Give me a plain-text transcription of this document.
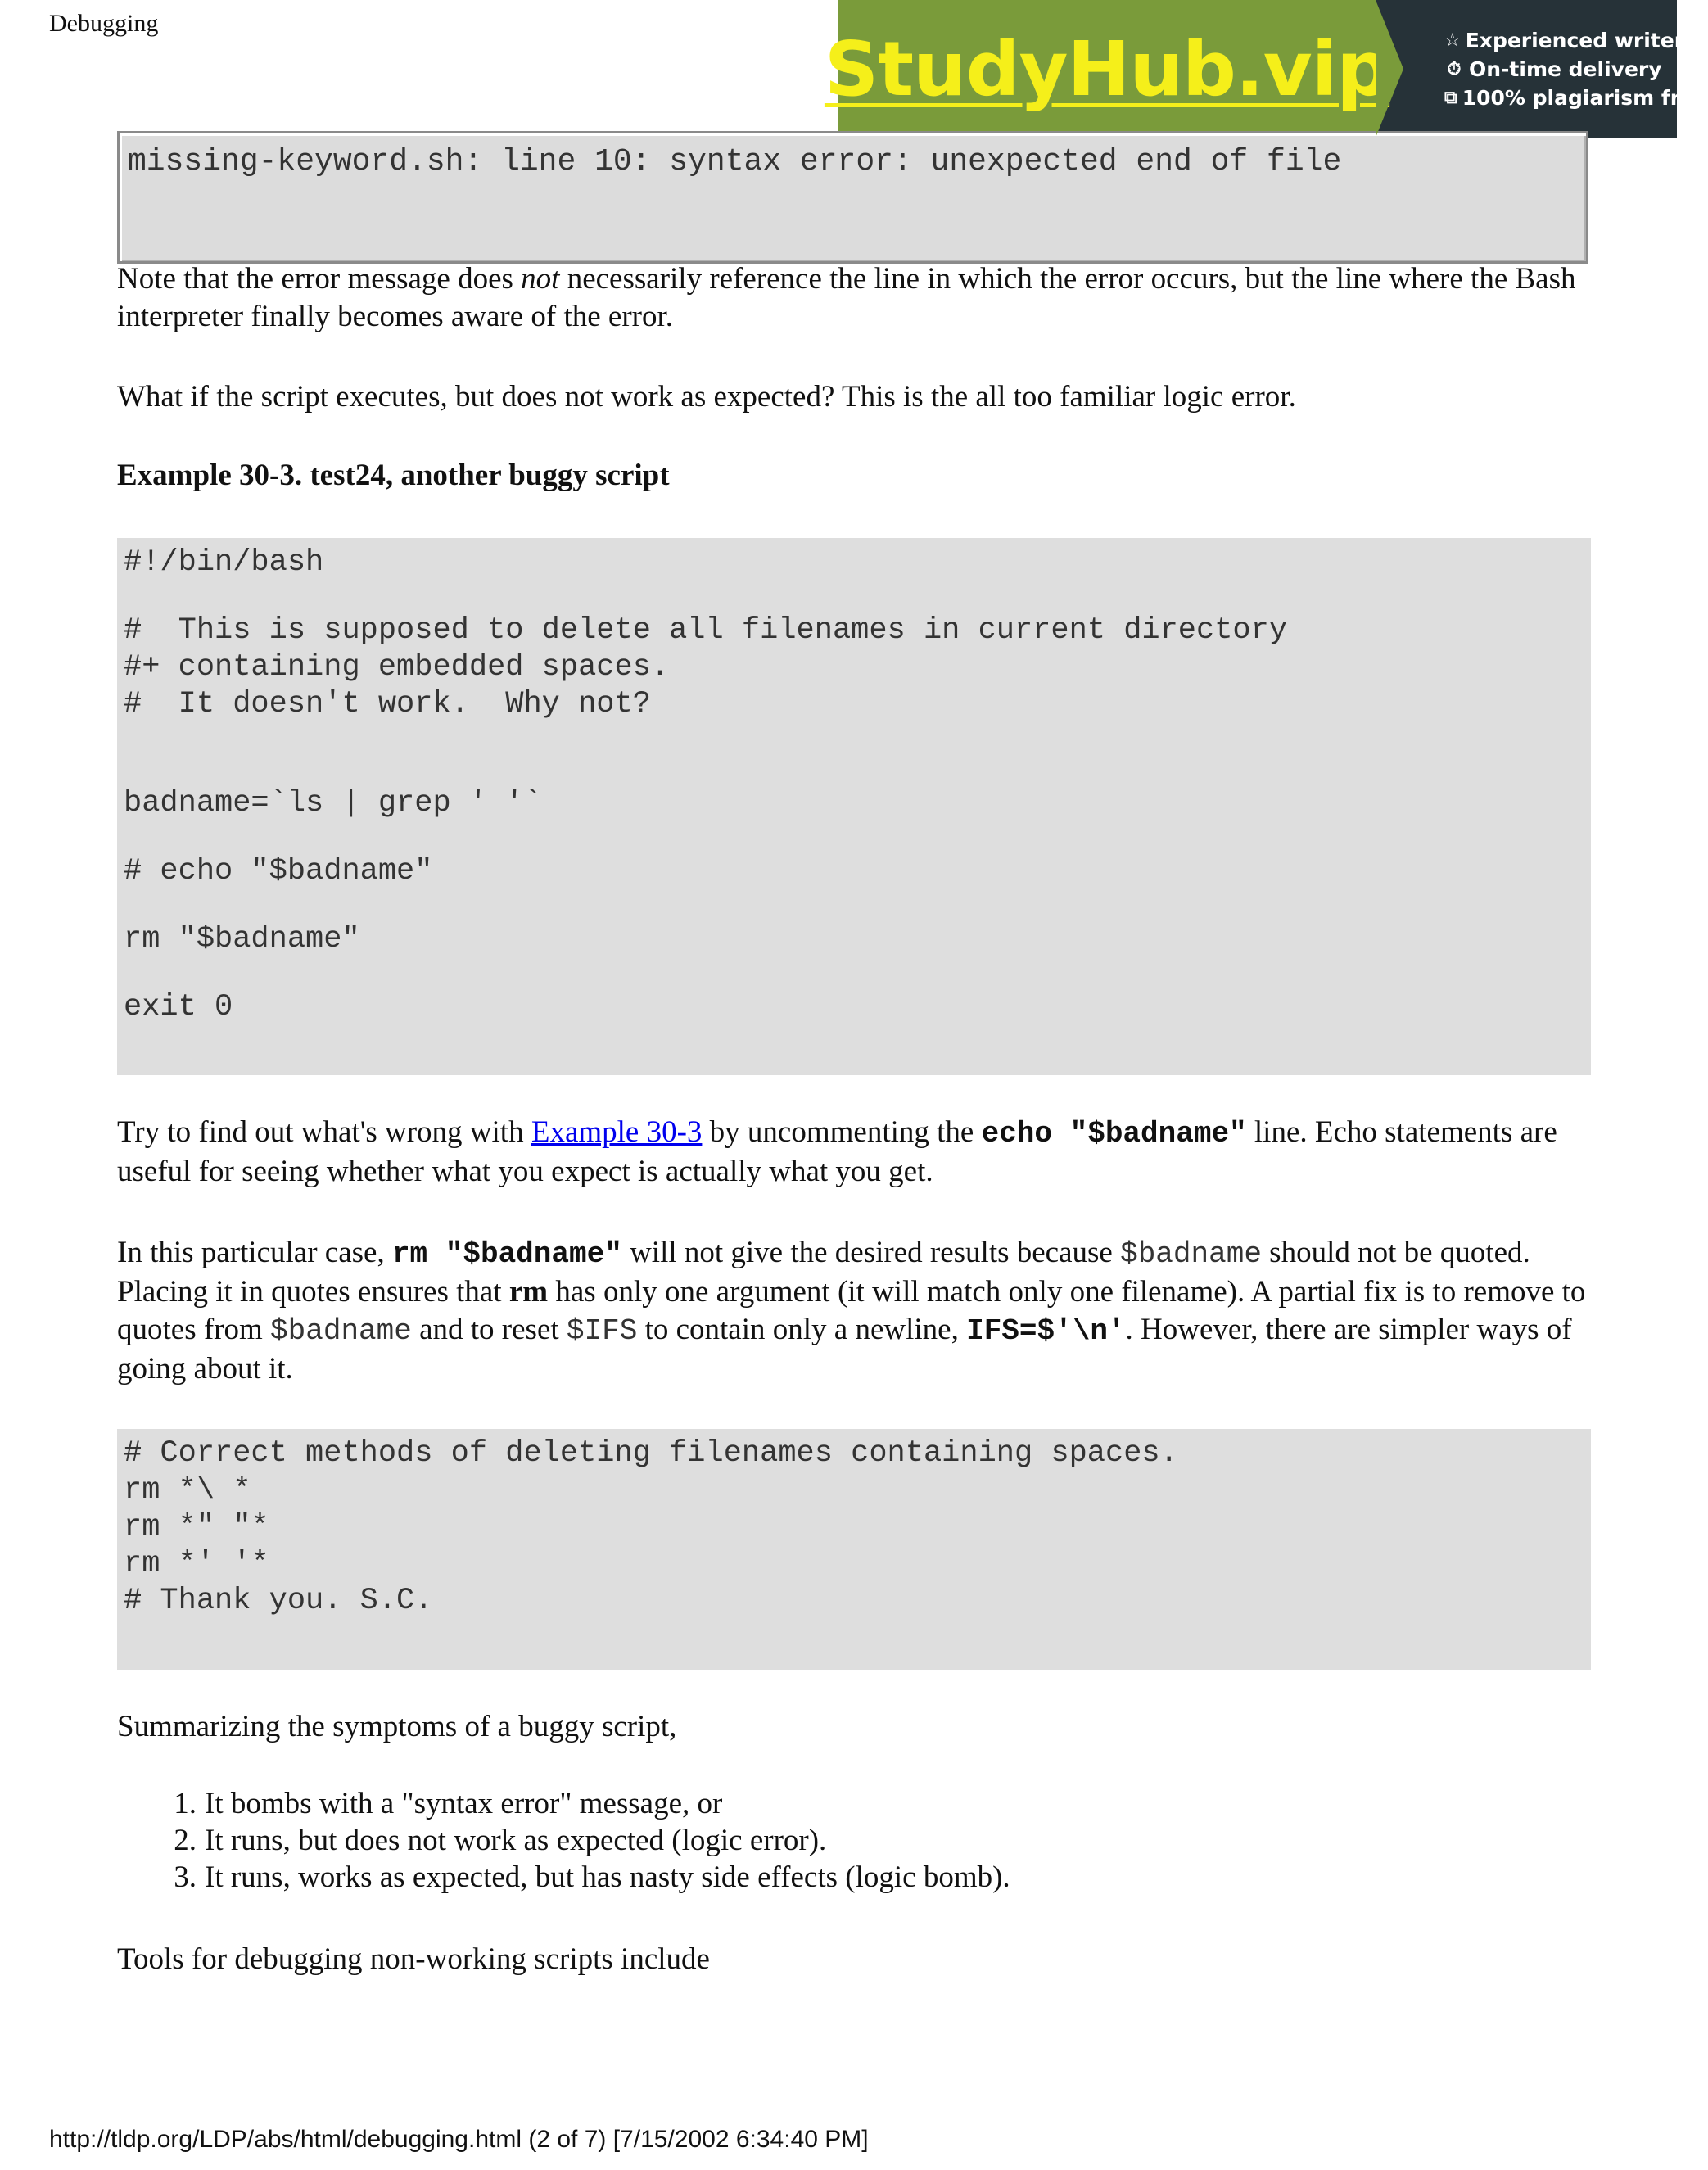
Debugging
StudyHub.vip	☆ Experienced writers
⏱ On-time delivery
⧉ 100% plagiarism free
missing-keyword.sh: line 10: syntax error: unexpected end of file

Note that the error message does not necessarily reference the line in which the error occurs, but the line where the Bash interpreter finally becomes aware of the error.

What if the script executes, but does not work as expected? This is the all too familiar logic error.

Example 30-3. test24, another buggy script

#!/bin/bash
#  This is supposed to delete all filenames in current directory
#+ containing embedded spaces.
#  It doesn't work.  Why not?
badname=`ls | grep ' '`
# echo "$badname"
rm "$badname"
exit 0

Try to find out what's wrong with Example 30-3 by uncommenting the echo "$badname" line. Echo statements are useful for seeing whether what you expect is actually what you get.

In this particular case, rm "$badname" will not give the desired results because $badname should not be quoted. Placing it in quotes ensures that rm has only one argument (it will match only one filename). A partial fix is to remove to quotes from $badname and to reset $IFS to contain only a newline, IFS=$'\n'. However, there are simpler ways of going about it.

# Correct methods of deleting filenames containing spaces.
rm *\ *
rm *" "*
rm *' '*
# Thank you. S.C.

Summarizing the symptoms of a buggy script,

1. It bombs with a "syntax error" message, or
2. It runs, but does not work as expected (logic error).
3. It runs, works as expected, but has nasty side effects (logic bomb).

Tools for debugging non-working scripts include

http://tldp.org/LDP/abs/html/debugging.html (2 of 7) [7/15/2002 6:34:40 PM]
